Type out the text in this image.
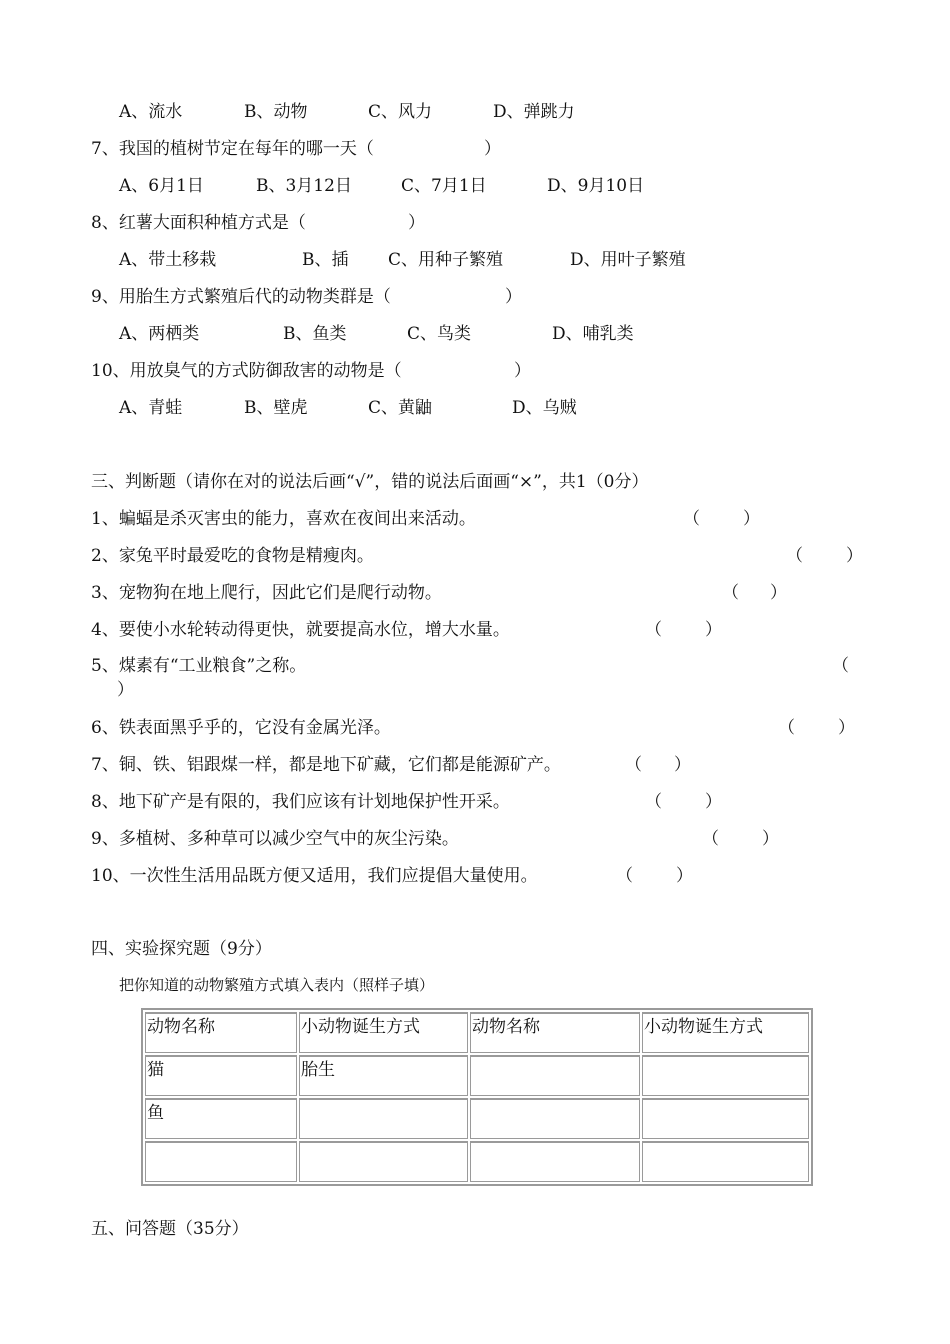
A、流水	B、动物	C、风力	D、弹跳力
7、我国的植树节定在每年的哪一天（	）
A、6月1日	B、3月12日	C、7月1日	D、9月10日
8、红薯大面积种植方式是（	）
A、带土移栽	B、插 C、用种子繁殖	D、用叶子繁殖
9、用胎生方式繁殖后代的动物类群是（	）
A、两栖类	B、鱼类	C、鸟类	D、哺乳类
10、用放臭气的方式防御敌害的动物是（	）
A、青蛙	B、壁虎	C、黄鼬	D、乌贼
三、判断题（请你在对的说法后画“√”，错的说法后面画“×”，共1（0分）
1、蝙蝠是杀灭害虫的能力，喜欢在夜间出来活动。	（	）
2、家兔平时最爱吃的食物是精瘦肉。	（	）
3、宠物狗在地上爬行，因此它们是爬行动物。	（ ）
4、要使小水轮转动得更快，就要提高水位，增大水量。	（	）
5、煤素有“工业粮食”之称。	（
）
6、铁表面黑乎乎的，它没有金属光泽。	（	）
7、铜、铁、铝跟煤一样，都是地下矿藏，它们都是能源矿产。	（ ）
8、地下矿产是有限的，我们应该有计划地保护性开采。	（	）
9、多植树、多种草可以减少空气中的灰尘污染。	（	）
10、一次性生活用品既方便又适用，我们应提倡大量使用。	（	）
四、实验探究题（9分）
把你知道的动物繁殖方式填入表内（照样子填）
动物名称	小动物诞生方式	动物名称	小动物诞生方式
猫	胎生		
鱼			

五、问答题（35分）
